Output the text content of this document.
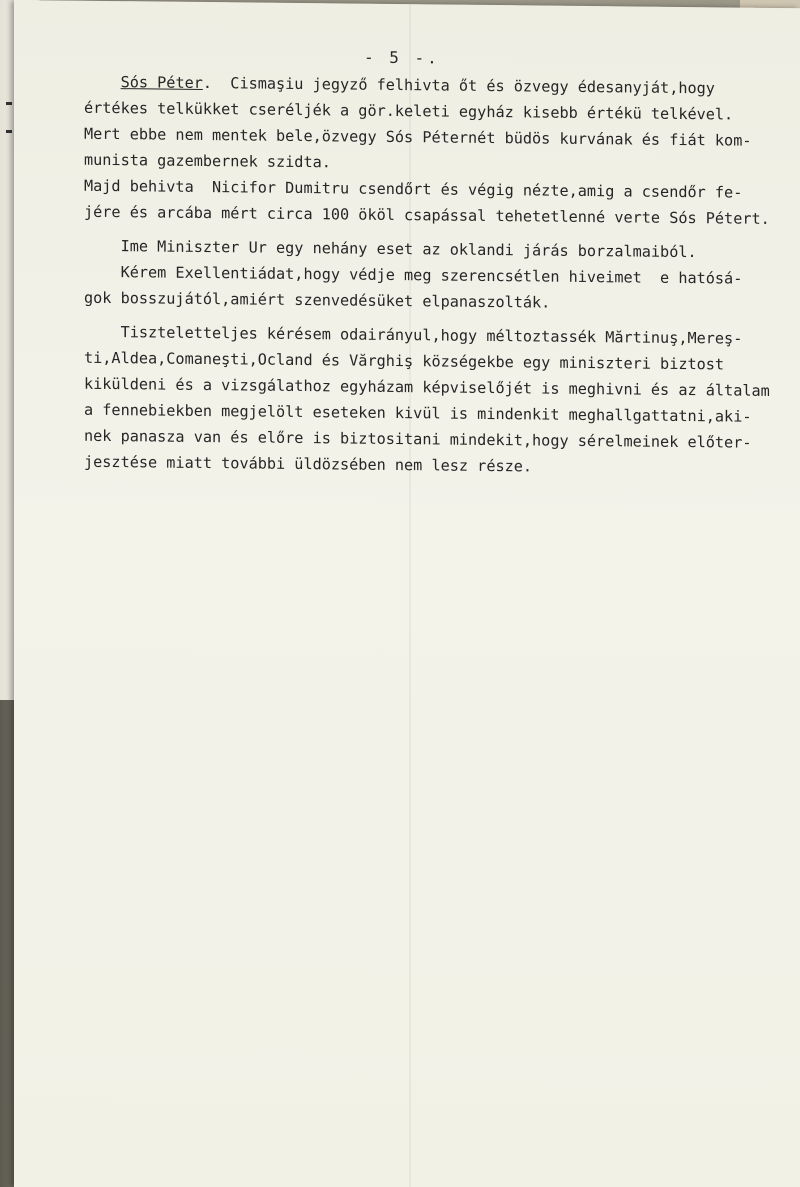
- 5 -.
Sós Péter.  Cismaşiu jegyző felhivta őt és özvegy édesanyját,hogy
értékes telkükket cseréljék a gör.keleti egyház kisebb értékü telkével.
Mert ebbe nem mentek bele,özvegy Sós Péternét büdös kurvának és fiát kom-
munista gazembernek szidta.
Majd behivta  Nicifor Dumitru csendőrt és végig nézte,amig a csendőr fe-
jére és arcába mért circa 100 ököl csapással tehetetlenné verte Sós Pétert.
Ime Miniszter Ur egy nehány eset az oklandi járás borzalmaiból.
Kérem Exellentiádat,hogy védje meg szerencsétlen hiveimet  e hatósá-
gok bosszujától,amiért szenvedésüket elpanaszolták.
Tiszteletteljes kérésem odairányul,hogy méltoztassék Mărtinuş,Mereş-
ti,Aldea,Comaneşti,Ocland és Vărghiş községekbe egy miniszteri biztost
kiküldeni és a vizsgálathoz egyházam képviselőjét is meghivni és az általam
a fennebiekben megjelölt eseteken kivül is mindenkit meghallgattatni,aki-
nek panasza van és előre is biztositani mindekit,hogy sérelmeinek előter-
jesztése miatt további üldözsében nem lesz része.
